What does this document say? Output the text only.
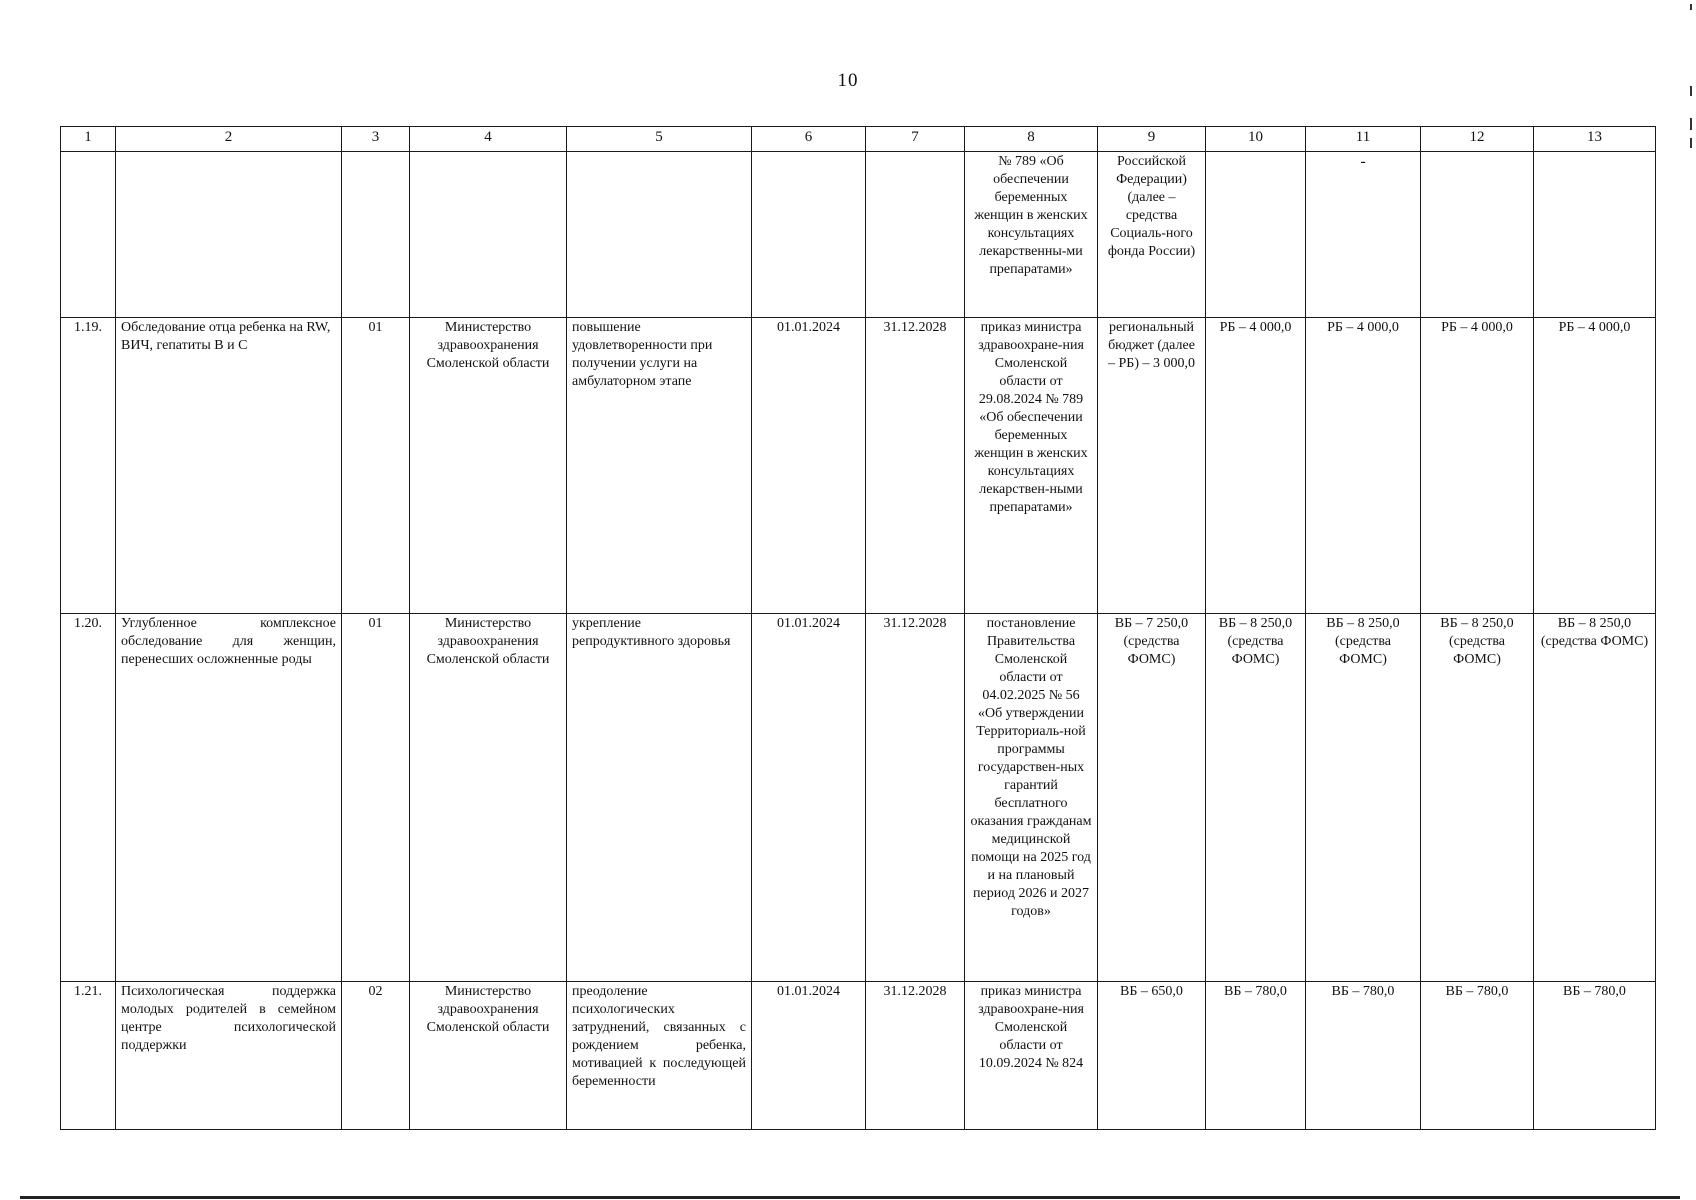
10
1	2	3	4	5	6	7	8	9	10	11	12	13
							№ 789 «Об обеспечении беременных женщин в женских консультациях лекарственны-ми препаратами»	Российской Федерации) (далее – средства Социаль-ного фонда России)		-		
1.19.	Обследование отца ребенка на RW, ВИЧ, гепатиты В и С	01	Министерство здравоохранения Смоленской области	повышение удовлетворенности при получении услуги на амбулаторном этапе	01.01.2024	31.12.2028	приказ министра здравоохране-ния Смоленской области от 29.08.2024 № 789 «Об обеспечении беременных женщин в женских консультациях лекарствен-ными препаратами»	региональный бюджет (далее – РБ) – 3 000,0	РБ – 4 000,0	РБ – 4 000,0	РБ – 4 000,0	РБ – 4 000,0
1.20.	Углубленное комплексное обследование для женщин, перенесших осложненные роды	01	Министерство здравоохранения Смоленской области	укрепление репродуктивного здоровья	01.01.2024	31.12.2028	постановление Правительства Смоленской области от 04.02.2025 № 56 «Об утверждении Территориаль-ной программы государствен-ных гарантий бесплатного оказания гражданам медицинской помощи на 2025 год и на плановый период 2026 и 2027 годов»	ВБ – 7 250,0 (средства ФОМС)	ВБ – 8 250,0 (средства ФОМС)	ВБ – 8 250,0 (средства ФОМС)	ВБ – 8 250,0 (средства ФОМС)	ВБ – 8 250,0 (средства ФОМС)
1.21.	Психологическая поддержка молодых родителей в семейном центре психологической поддержки	02	Министерство здравоохранения Смоленской области	преодоление психологических затруднений, связанных с рождением ребенка, мотивацией к последующей беременности	01.01.2024	31.12.2028	приказ министра здравоохране-ния Смоленской области от 10.09.2024 № 824	ВБ – 650,0	ВБ – 780,0	ВБ – 780,0	ВБ – 780,0	ВБ – 780,0
